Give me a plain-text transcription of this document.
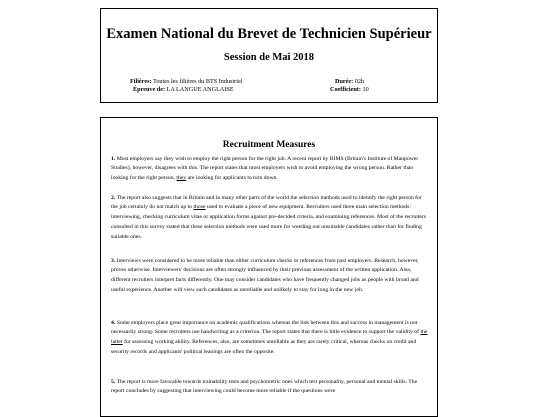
Examen National du Brevet de Technicien Supérieur
Session de Mai 2018
Filières: Toutes les filières du BTS Industriel
Épreuve de: LA LANGUE ANGLAISE
Durée: 02h
Coefficient: 10
Recruitment Measures

1. Most employers say they wish to employ the right person for the right job. A recent report by BIMS (Britain's Institute of Manpower Studies), however, disagrees with this. The report states that most employers wish to avoid employing the wrong person. Rather than looking for the right person, they are looking for applicants to turn down.

2. The report also suggests that in Britain and in many other parts of the world the selection methods used to identify the right person for the job certainly do not match up to those used to evaluate a piece of new equipment. Recruiters used three main selection methods: interviewing, checking curriculum vitae or application forms against pre-decided criteria, and examining references. Most of the recruiters consulted in this survey stated that these selection methods were used more for weeding out unsuitable candidates rather than for finding suitable ones.

3. Interviews were considered to be more reliable than either curriculum checks or references from past employers. Research, however, proves otherwise. Interviewers' decisions are often strongly influenced by their previous assessment of the written application. Also, different recruiters interpret facts differently. One may consider candidates who have frequently changed jobs as people with broad and useful experience. Another will view such candidates as unreliable and unlikely to stay for long in the new job.

4. Some employers place great importance on academic qualifications whereas the link between this and success in management is not necessarily strong. Some recruiters use handwriting as a criterion. The report states that there is little evidence to support the validity of the latter for assessing working ability. References, also, are sometimes unreliable as they are rarely critical, whereas checks on credit and security records and applicants' political leanings are often the opposite.

5. The report is more favorable towards trainability tests and psychometric ones which test personality, personal and mental skills. The report concludes by suggesting that interviewing could become more reliable if the questions were
